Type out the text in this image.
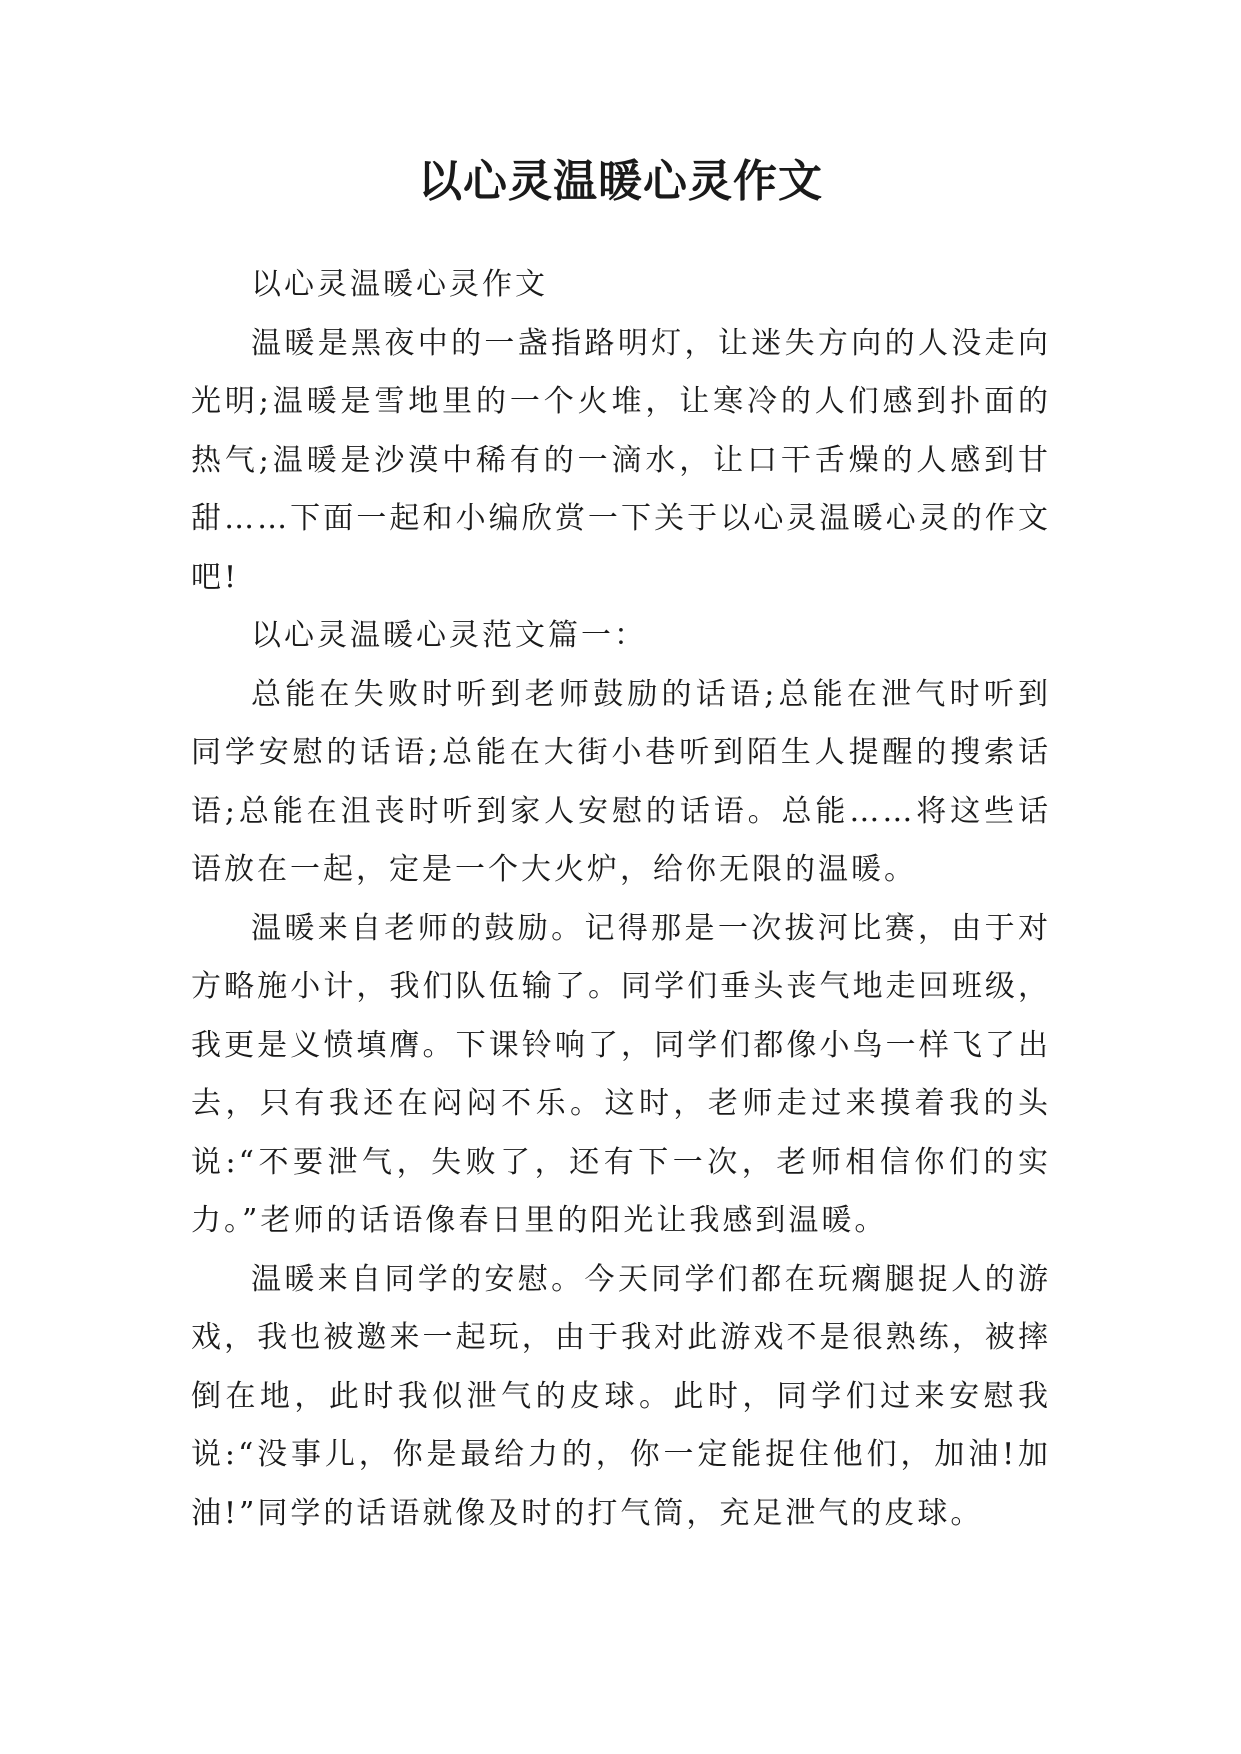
以心灵温暖心灵作文

以心灵温暖心灵作文

温暖是黑夜中的一盏指路明灯，让迷失方向的人没走向光明;温暖是雪地里的一个火堆，让寒冷的人们感到扑面的热气;温暖是沙漠中稀有的一滴水，让口干舌燥的人感到甘甜……下面一起和小编欣赏一下关于以心灵温暖心灵的作文吧!

以心灵温暖心灵范文篇一：

总能在失败时听到老师鼓励的话语;总能在泄气时听到同学安慰的话语;总能在大街小巷听到陌生人提醒的搜索话语;总能在沮丧时听到家人安慰的话语。总能……将这些话语放在一起，定是一个大火炉，给你无限的温暖。

温暖来自老师的鼓励。记得那是一次拔河比赛，由于对方略施小计，我们队伍输了。同学们垂头丧气地走回班级，我更是义愤填膺。下课铃响了，同学们都像小鸟一样飞了出去，只有我还在闷闷不乐。这时，老师走过来摸着我的头说:“不要泄气，失败了，还有下一次，老师相信你们的实力。”老师的话语像春日里的阳光让我感到温暖。

温暖来自同学的安慰。今天同学们都在玩瘸腿捉人的游戏，我也被邀来一起玩，由于我对此游戏不是很熟练，被摔倒在地，此时我似泄气的皮球。此时，同学们过来安慰我说:“没事儿，你是最给力的，你一定能捉住他们，加油!加油!”同学的话语就像及时的打气筒，充足泄气的皮球。
